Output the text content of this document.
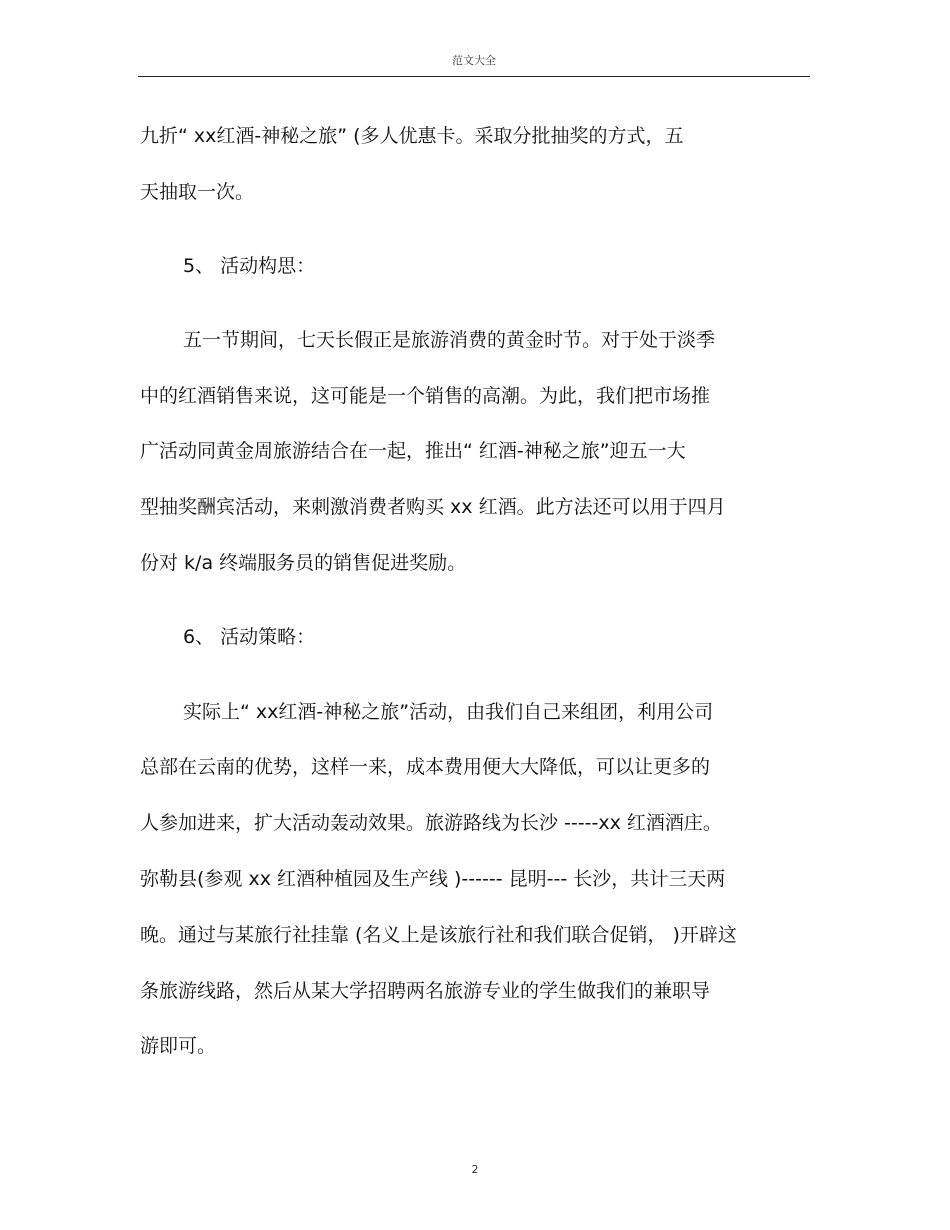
范文大全
九折“ xx红酒-神秘之旅” (多人优惠卡。采取分批抽奖的方式，五
天抽取一次。
5、 活动构思：
五一节期间，七天长假正是旅游消费的黄金时节。对于处于淡季
中的红酒销售来说，这可能是一个销售的高潮。为此，我们把市场推
广活动同黄金周旅游结合在一起，推出“ 红酒-神秘之旅”迎五一大
型抽奖酬宾活动，来刺激消费者购买 xx 红酒。此方法还可以用于四月
份对 k/a 终端服务员的销售促进奖励。
6、 活动策略：
实际上“ xx红酒-神秘之旅”活动，由我们自己来组团，利用公司
总部在云南的优势，这样一来，成本费用便大大降低，可以让更多的
人参加进来，扩大活动轰动效果。旅游路线为长沙 -----xx 红酒酒庄。
弥勒县(参观 xx 红酒种植园及生产线 )------ 昆明--- 长沙，共计三天两
晚。通过与某旅行社挂靠 (名义上是该旅行社和我们联合促销， )开辟这
条旅游线路，然后从某大学招聘两名旅游专业的学生做我们的兼职导
游即可。
2
